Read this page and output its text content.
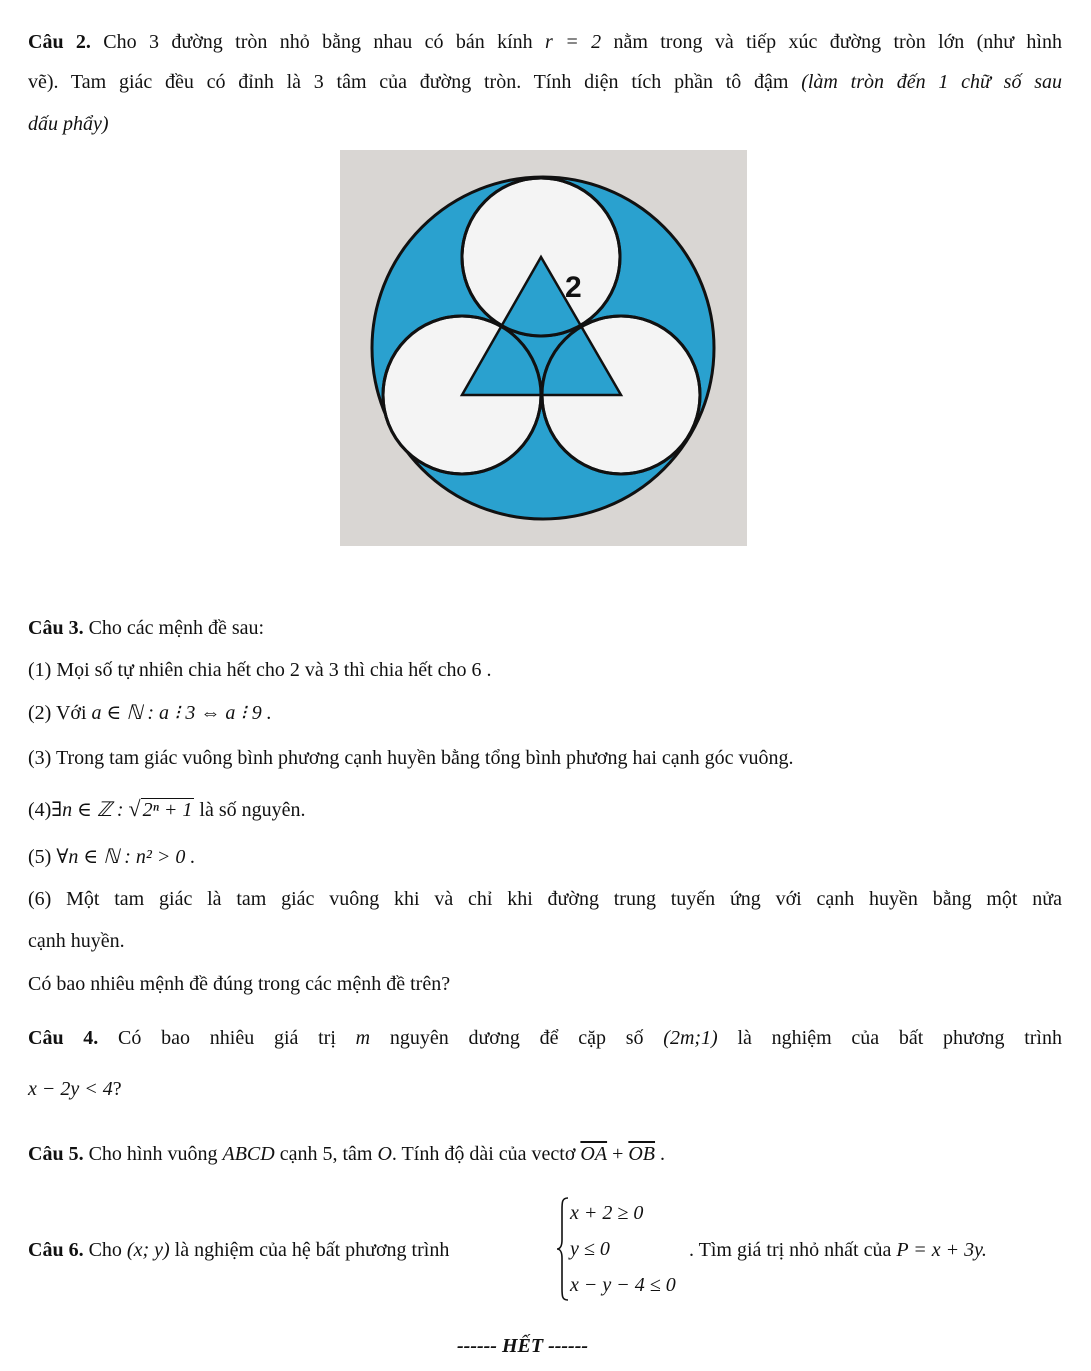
Câu 2. Cho 3 đường tròn nhỏ bằng nhau có bán kính r = 2 nằm trong và tiếp xúc đường tròn lớn (như hình
vẽ). Tam giác đều có đỉnh là 3 tâm của đường tròn. Tính diện tích phần tô đậm (làm tròn đến 1 chữ số sau
dấu phẩy)
2
Câu 3. Cho các mệnh đề sau:
(1) Mọi số tự nhiên chia hết cho 2 và 3 thì chia hết cho 6 .
(2) Với a ∈ ℕ : a ⁝ 3 ⇔ a ⁝ 9 .
(3) Trong tam giác vuông bình phương cạnh huyền bằng tổng bình phương hai cạnh góc vuông.
(4)∃n ∈ ℤ : √ 2ⁿ + 1 là số nguyên.
(5) ∀n ∈ ℕ : n² > 0 .
(6) Một tam giác là tam giác vuông khi và chỉ khi đường trung tuyến ứng với cạnh huyền bằng một nửa
cạnh huyền.
Có bao nhiêu mệnh đề đúng trong các mệnh đề trên?
Câu 4. Có bao nhiêu giá trị m nguyên dương để cặp số (2m;1) là nghiệm của bất phương trình
x − 2y < 4?
Câu 5. Cho hình vuông ABCD cạnh 5, tâm O. Tính độ dài của vectơ $\overline{OA} + \overline{OB}$ .
Câu 6. Cho (x; y) là nghiệm của hệ bất phương trình
x + 2 ≥ 0
y ≤ 0
x − y − 4 ≤ 0
. Tìm giá trị nhỏ nhất của P = x + 3y.
------ HẾT ------
